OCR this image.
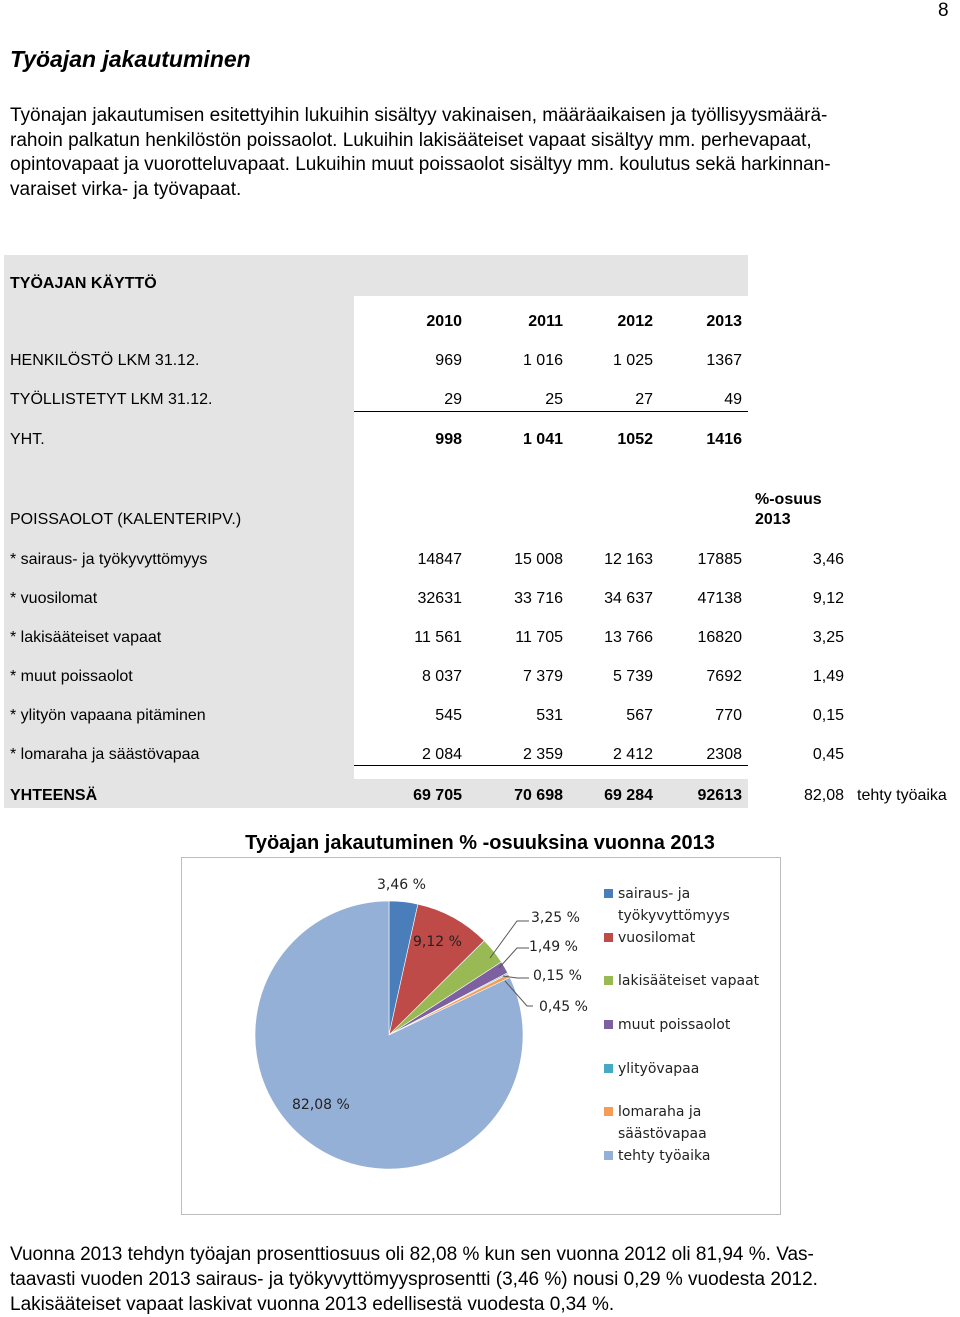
8
Työajan jakautuminen
Työnajan jakautumisen esitettyihin lukuihin sisältyy vakinaisen, määräaikaisen ja työllisyysmäärä-
rahoin palkatun henkilöstön poissaolot. Lukuihin lakisääteiset vapaat sisältyy mm. perhevapaat,
opintovapaat ja vuorotteluvapaat. Lukuihin muut poissaolot sisältyy mm. koulutus sekä harkinnan-
varaiset virka- ja työvapaat.
TYÖAJAN KÄYTTÖ
2010	2011	2012	2013
HENKILÖSTÖ LKM 31.12.	969	1 016	1 025	1367
TYÖLLISTETYT LKM 31.12.	29	25	27	49
YHT.	998	1 041	1052	1416
POISSAOLOT (KALENTERIPV.)
%-osuus
2013
* sairaus- ja työkyvyttömyys	14847	15 008	12 163	17885	3,46
* vuosilomat	32631	33 716	34 637	47138	9,12
* lakisääteiset vapaat	11 561	11 705	13 766	16820	3,25
* muut poissaolot	8 037	7 379	5 739	7692	1,49
* ylityön vapaana pitäminen	545	531	567	770	0,15
* lomaraha ja säästövapaa	2 084	2 359	2 412	2308	0,45
YHTEENSÄ	69 705	70 698	69 284	92613	82,08 tehty työaika
Työajan jakautuminen % -osuuksina vuonna 2013
3,46 %
9,12 %
3,25 %
1,49 %
0,15 %
0,45 %
82,08 %
sairaus- ja
työkyvyttömyys
vuosilomat
lakisääteiset vapaat
muut poissaolot
ylityövapaa
lomaraha ja
säästövapaa
tehty työaika
Vuonna 2013 tehdyn työajan prosenttiosuus oli 82,08 % kun sen vuonna 2012 oli 81,94 %. Vas-
taavasti vuoden 2013 sairaus- ja työkyvyttömyysprosentti (3,46 %) nousi 0,29 % vuodesta 2012.
Lakisääteiset vapaat laskivat vuonna 2013 edellisestä vuodesta 0,34 %.
